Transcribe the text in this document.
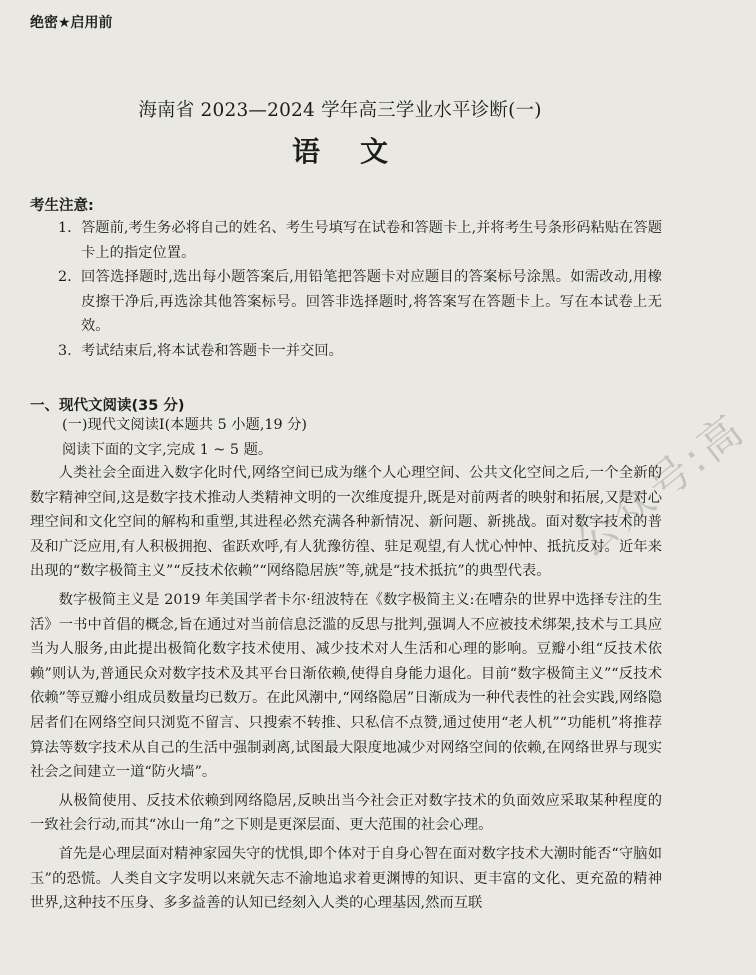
绝密★启用前
海南省 2023—2024 学年高三学业水平诊断(一)
语 文
考生注意:
1. 答题前,考生务必将自己的姓名、考生号填写在试卷和答题卡上,并将考生号条形码粘贴在答题卡上的指定位置。
2. 回答选择题时,选出每小题答案后,用铅笔把答题卡对应题目的答案标号涂黑。如需改动,用橡皮擦干净后,再选涂其他答案标号。回答非选择题时,将答案写在答题卡上。写在本试卷上无效。
3. 考试结束后,将本试卷和答题卡一并交回。
一、现代文阅读(35 分)
(一)现代文阅读Ⅰ(本题共 5 小题,19 分)
阅读下面的文字,完成 1 ~ 5 题。

人类社会全面进入数字化时代,网络空间已成为继个人心理空间、公共文化空间之后,一个全新的数字精神空间,这是数字技术推动人类精神文明的一次维度提升,既是对前两者的映射和拓展,又是对心理空间和文化空间的解构和重塑,其进程必然充满各种新情况、新问题、新挑战。面对数字技术的普及和广泛应用,有人积极拥抱、雀跃欢呼,有人犹豫彷徨、驻足观望,有人忧心忡忡、抵抗反对。近年来出现的“数字极简主义”“反技术依赖”“网络隐居族”等,就是“技术抵抗”的典型代表。

数字极简主义是 2019 年美国学者卡尔·纽波特在《数字极简主义:在嘈杂的世界中选择专注的生活》一书中首倡的概念,旨在通过对当前信息泛滥的反思与批判,强调人不应被技术绑架,技术与工具应当为人服务,由此提出极简化数字技术使用、减少技术对人生活和心理的影响。豆瓣小组“反技术依赖”则认为,普通民众对数字技术及其平台日渐依赖,使得自身能力退化。目前“数字极简主义”“反技术依赖”等豆瓣小组成员数量均已数万。在此风潮中,“网络隐居”日渐成为一种代表性的社会实践,网络隐居者们在网络空间只浏览不留言、只搜索不转推、只私信不点赞,通过使用“老人机”“功能机”将推荐算法等数字技术从自己的生活中强制剥离,试图最大限度地减少对网络空间的依赖,在网络世界与现实社会之间建立一道“防火墙”。

从极简使用、反技术依赖到网络隐居,反映出当今社会正对数字技术的负面效应采取某种程度的一致社会行动,而其“冰山一角”之下则是更深层面、更大范围的社会心理。

首先是心理层面对精神家园失守的忧惧,即个体对于自身心智在面对数字技术大潮时能否“守脑如玉”的恐慌。人类自文字发明以来就矢志不渝地追求着更渊博的知识、更丰富的文化、更充盈的精神世界,这种技不压身、多多益善的认知已经刻入人类的心理基因,然而互联

公众号:高
